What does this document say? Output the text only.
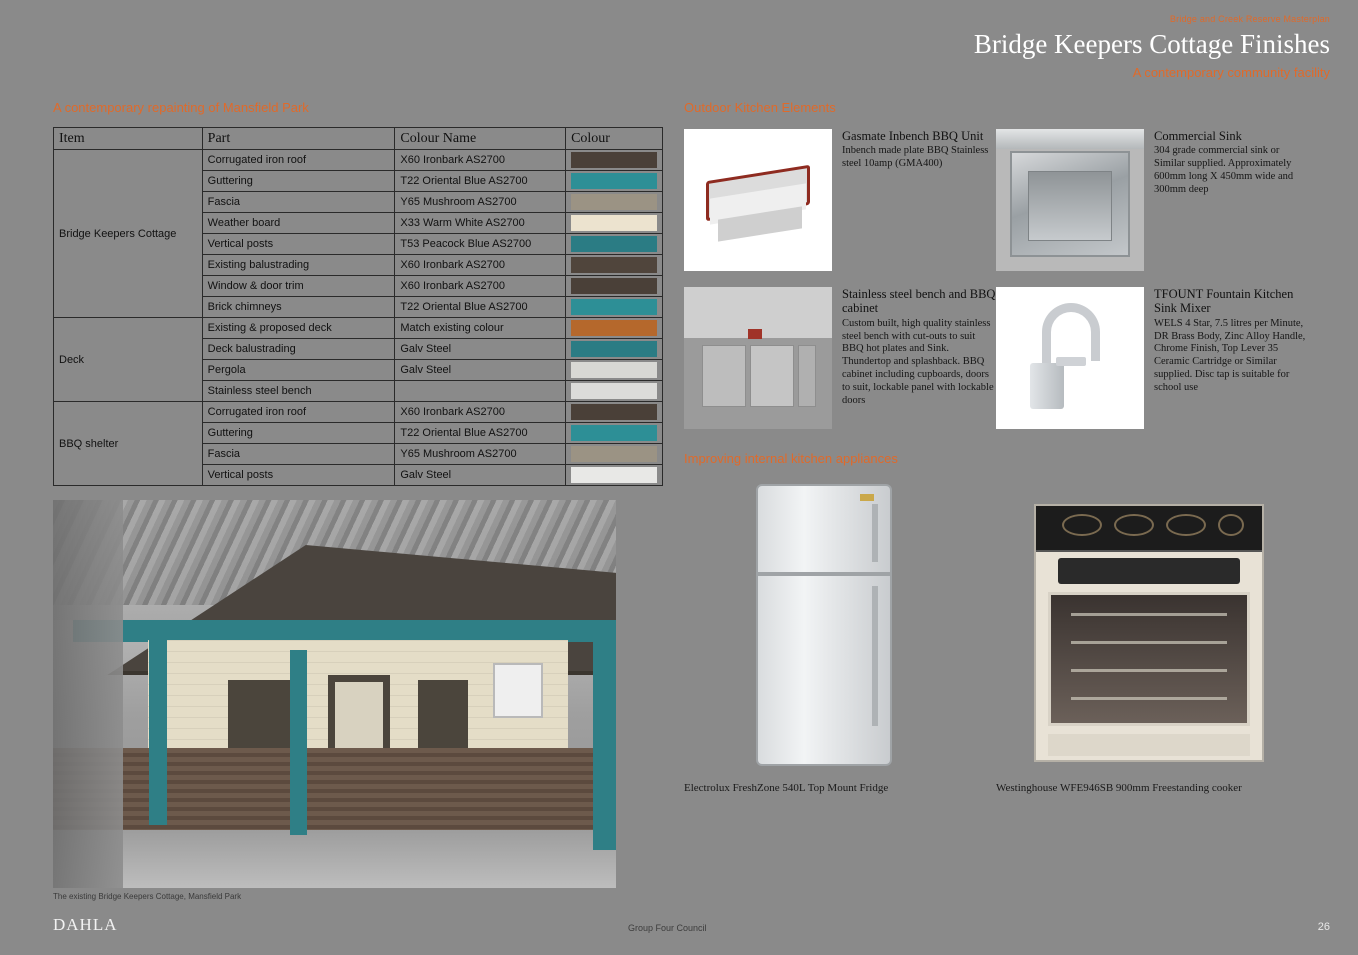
Bridge and Creek Reserve Masterplan
Bridge Keepers Cottage Finishes
A contemporary community facility
A contemporary repainting of Mansfield Park
Item	Part	Colour Name	Colour
Bridge Keepers Cottage	Corrugated iron roof	X60 Ironbark AS2700	

	Guttering	T22 Oriental Blue AS2700	

	Fascia	Y65 Mushroom AS2700	

	Weather board	X33 Warm White AS2700	

	Vertical posts	T53 Peacock Blue AS2700	

	Existing balustrading	X60 Ironbark AS2700	

	Window & door trim	X60 Ironbark AS2700	

	Brick chimneys	T22 Oriental Blue AS2700	

Deck	Existing & proposed deck	Match existing colour	

	Deck balustrading	Galv Steel	

	Pergola	Galv Steel	

	Stainless steel bench		

BBQ shelter	Corrugated iron roof	X60 Ironbark AS2700	

	Guttering	T22 Oriental Blue AS2700	

	Fascia	Y65 Mushroom AS2700	

	Vertical posts	Galv Steel	
The existing Bridge Keepers Cottage, Mansfield Park
Outdoor Kitchen Elements
Gasmate Inbench BBQ Unit
Inbench made plate BBQ Stainless steel 10amp (GMA400)
Commercial Sink
304 grade commercial sink or Similar supplied. Approximately 600mm long X 450mm wide and 300mm deep
Stainless steel bench and BBQ cabinet
Custom built, high quality stainless steel bench with cut-outs to suit BBQ hot plates and Sink. Thundertop and splashback. BBQ cabinet including cupboards, doors to suit, lockable panel with lockable doors
TFOUNT Fountain Kitchen Sink Mixer
WELS 4 Star, 7.5 litres per Minute, DR Brass Body, Zinc Alloy Handle, Chrome Finish, Top Lever 35 Ceramic Cartridge or Similar supplied. Disc tap is suitable for school use
Improving internal kitchen appliances
Electrolux FreshZone 540L Top Mount Fridge	Westinghouse WFE946SB 900mm Freestanding cooker
DAHLA	Group Four Council	26
